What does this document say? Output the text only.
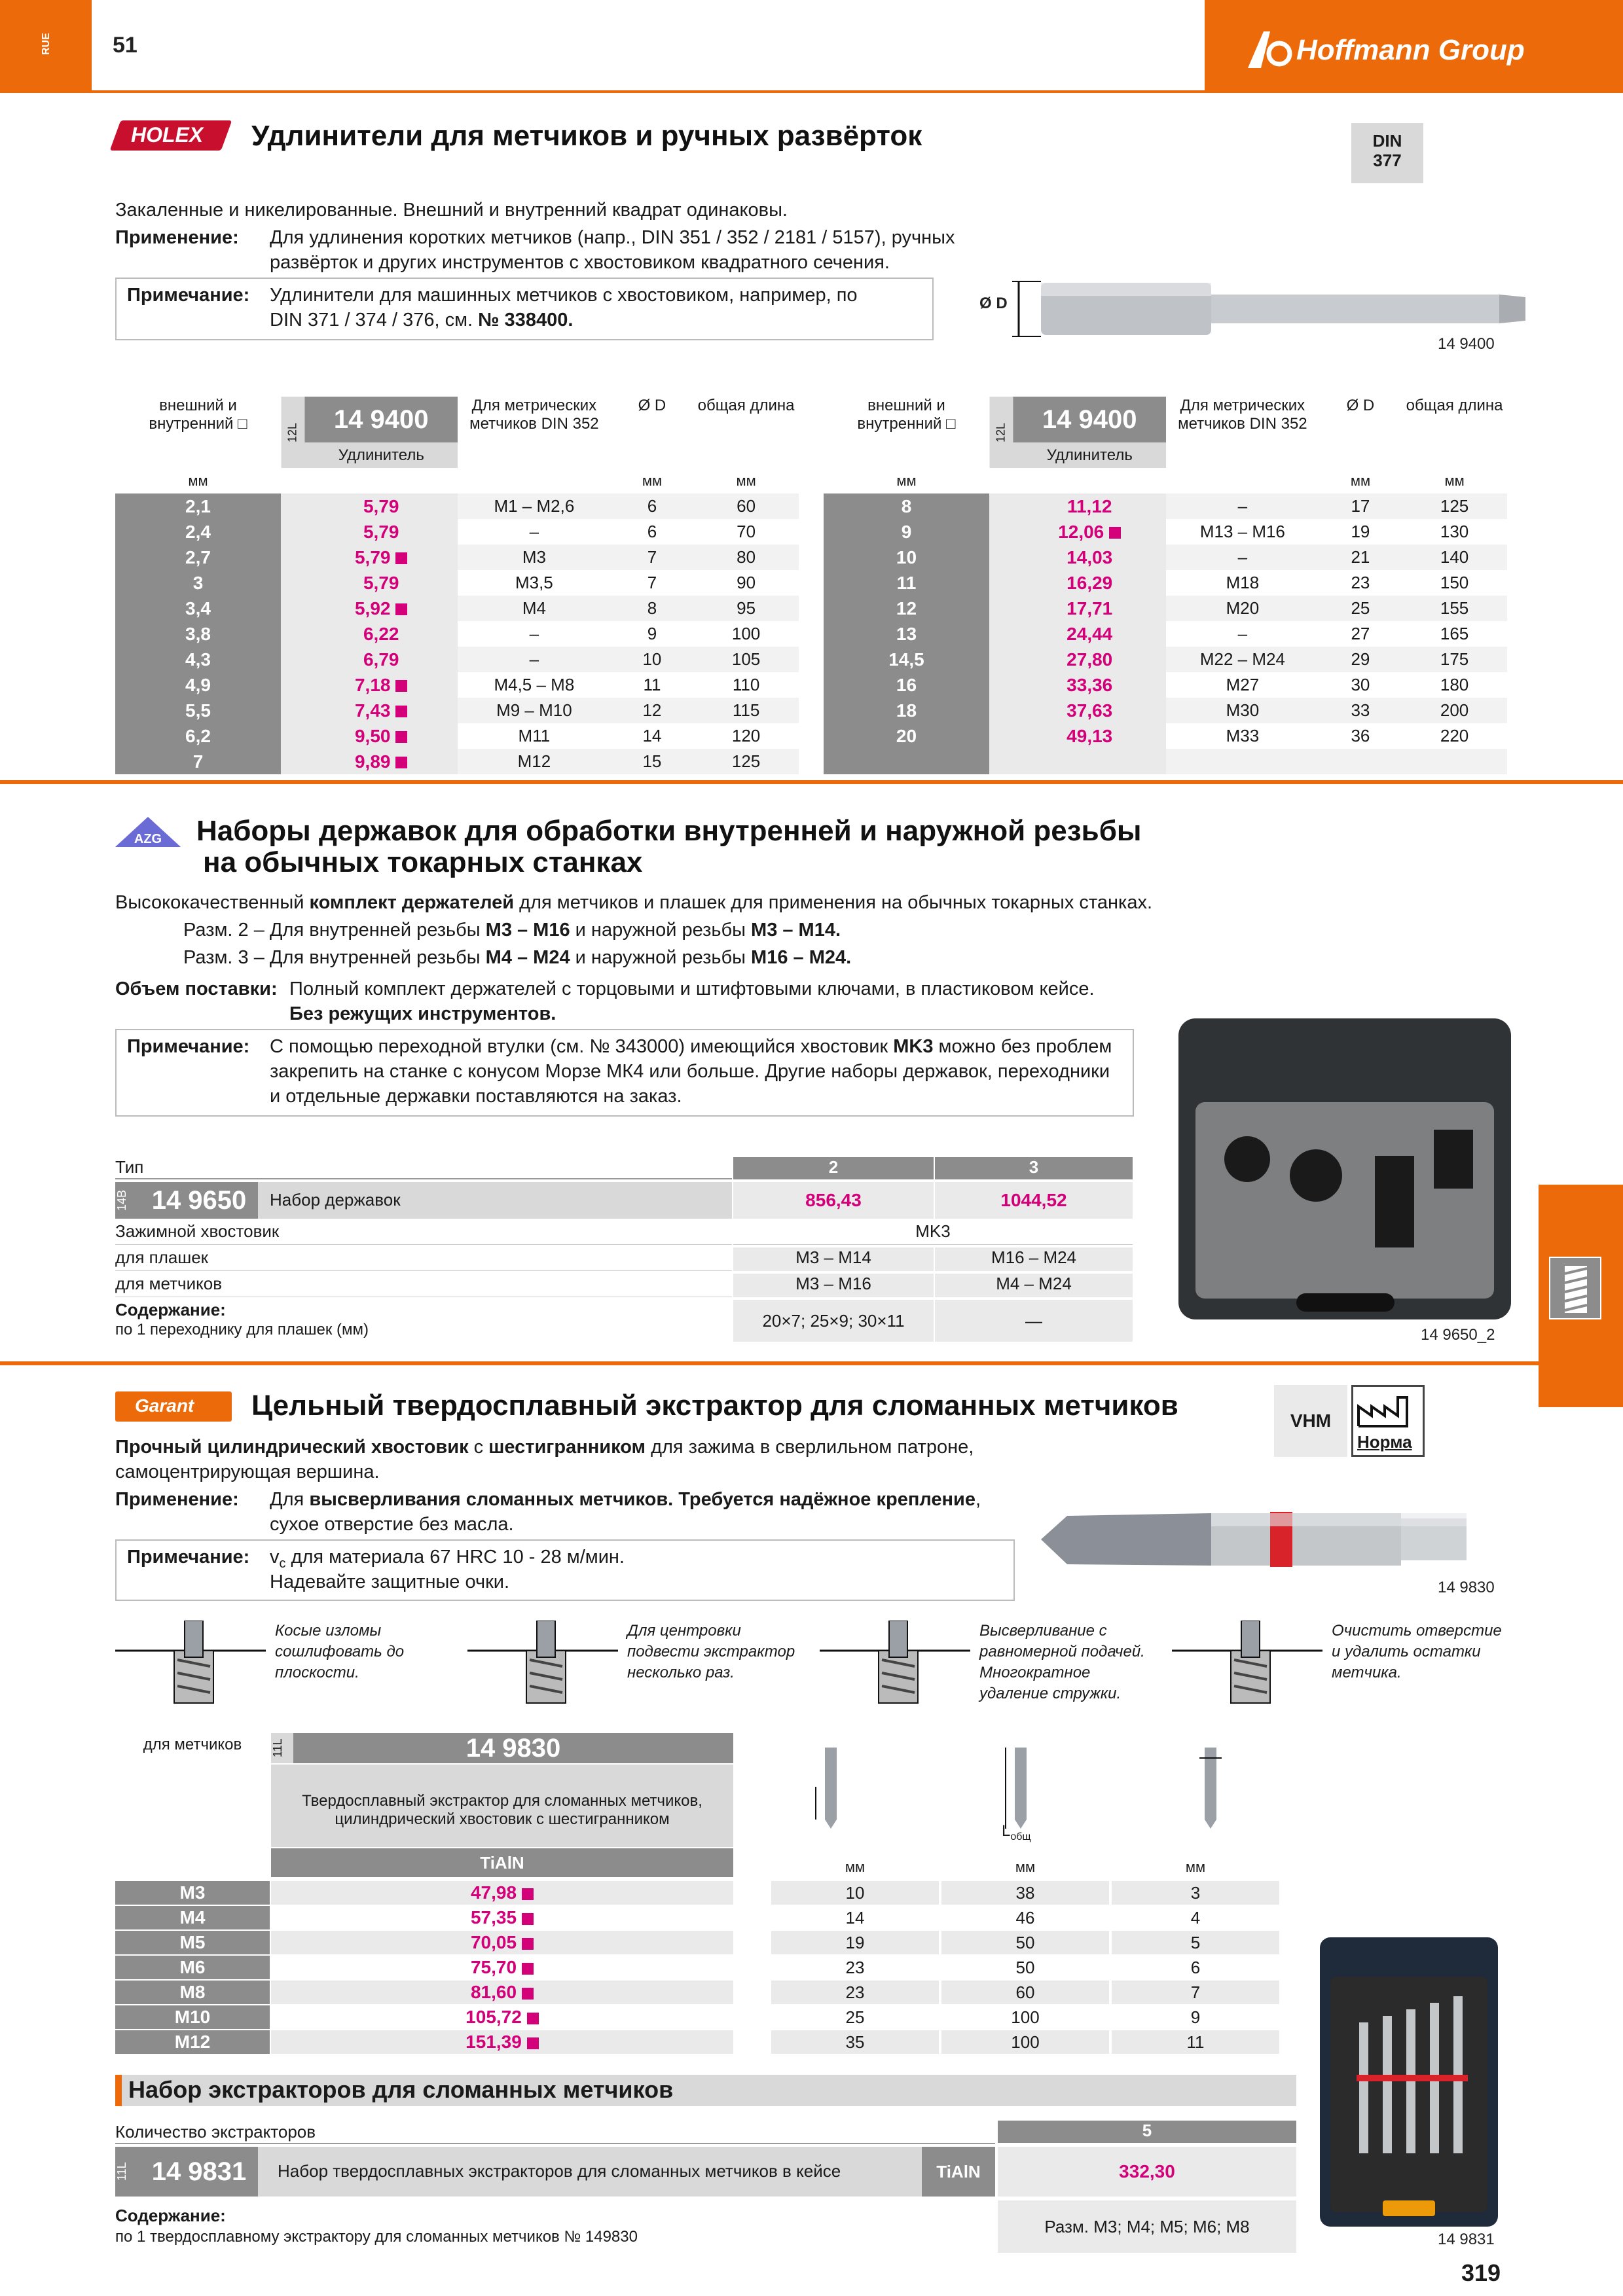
RUE	51	Hoffmann Group
HOLEX Удлинители для метчиков и ручных развёрток	DIN
377
Закаленные и никелированные. Внешний и внутренний квадрат одинаковы.
Применение: Для удлинения коротких метчиков (напр., DIN 351 / 352 / 2181 / 5157), ручных развёрток и других инструментов с хвостовиком квадратного сечения.
Примечание: Удлинители для машинных метчиков с хвостовиком, например, по
DIN 371 / 374 / 376, см. № 338400.
Ø D
14 9400
внешний и внутренний □	12L	14 9400	Для метрических метчиков DIN 352	Ø D	общая длина
		Удлинитель			
мм				мм	мм
2,1		5,79	M1 – M2,6	6	60
2,4		5,79	–	6	70
2,7		5,79	M3	7	80
3		5,79	M3,5	7	90
3,4		5,92	M4	8	95
3,8		6,22	–	9	100
4,3		6,79	–	10	105
4,9		7,18	M4,5 – M8	11	110
5,5		7,43	M9 – M10	12	115
6,2		9,50	M11	14	120
7		9,89	M12	15	125
внешний и внутренний □	12L	14 9400	Для метрических метчиков DIN 352	Ø D	общая длина
		Удлинитель			
мм				мм	мм
8		11,12	–	17	125
9		12,06	M13 – M16	19	130
10		14,03	–	21	140
11		16,29	M18	23	150
12		17,71	M20	25	155
13		24,44	–	27	165
14,5		27,80	M22 – M24	29	175
16		33,36	M27	30	180
18		37,63	M30	33	200
20		49,13	M33	36	220

AZG Наборы державок для обработки внутренней и наружной резьбы
на обычных токарных станках
Высококачественный комплект держателей для метчиков и плашек для применения на обычных токарных станках.
Разм. 2 – Для внутренней резьбы M3 – M16 и наружной резьбы M3 – M14.
Разм. 3 – Для внутренней резьбы M4 – M24 и наружной резьбы M16 – M24.
Объем поставки: Полный комплект держателей с торцовыми и штифтовыми ключами, в пластиковом кейсе.
Без режущих инструментов.
Примечание: С помощью переходной втулки (см. № 343000) имеющийся хвостовик MK3 можно без проблем закрепить на станке с конусом Морзе МК4 или больше. Другие наборы державок, переходники и отдельные державки поставляются на заказ.
14 9650_2
Тип	2	3
14B 14 9650	Набор державок	856,43	1044,52
Зажимной хвостовик	MK3
для плашек	M3 – M14	M16 – M24
для метчиков	M3 – M16	M4 – M24
Содержание:
по 1 переходнику для плашек (мм)	20×7; 25×9; 30×11	—
Garant Цельный твердосплавный экстрактор для сломанных метчиков	VHM
Норма
Прочный цилиндрический хвостовик с шестигранником для зажима в сверлильном патроне,
самоцентрирующая вершина.
Применение: Для высверливания сломанных метчиков. Требуется надёжное крепление,
сухое отверстие без масла.
Примечание: $v_c$ для материала 67 HRC 10 - 28 м/мин.
Надевайте защитные очки.	14 9830
Косые изломы сошлифовать до плоскости.
Для центровки подвести экстрактор несколько раз.
Высверливание с равномерной подачей. Многократное удаление стружки.
Очистить отверстие и удалить остатки метчика.
для метчиков	11L	14 9830
Твердосплавный экстрактор для сломанных метчиков, цилиндрический хвостовик с шестигранником
TiAlN
$L_{общ}$
мм	мм	мм
M3	47,98	10	38	3
M4	57,35	14	46	4
M5	70,05	19	50	5
M6	75,70	23	50	6
M8	81,60	23	60	7
M10	105,72	25	100	9
M12	151,39	35	100	11
Набор экстракторов для сломанных метчиков
Количество экстракторов	5
11L 14 9831	Набор твердосплавных экстракторов для сломанных метчиков в кейсе	TiAlN	332,30
Содержание:
по 1 твердосплавному экстрактору для сломанных метчиков № 149830
Разм. M3; M4; M5; M6; M8
14 9831
319
